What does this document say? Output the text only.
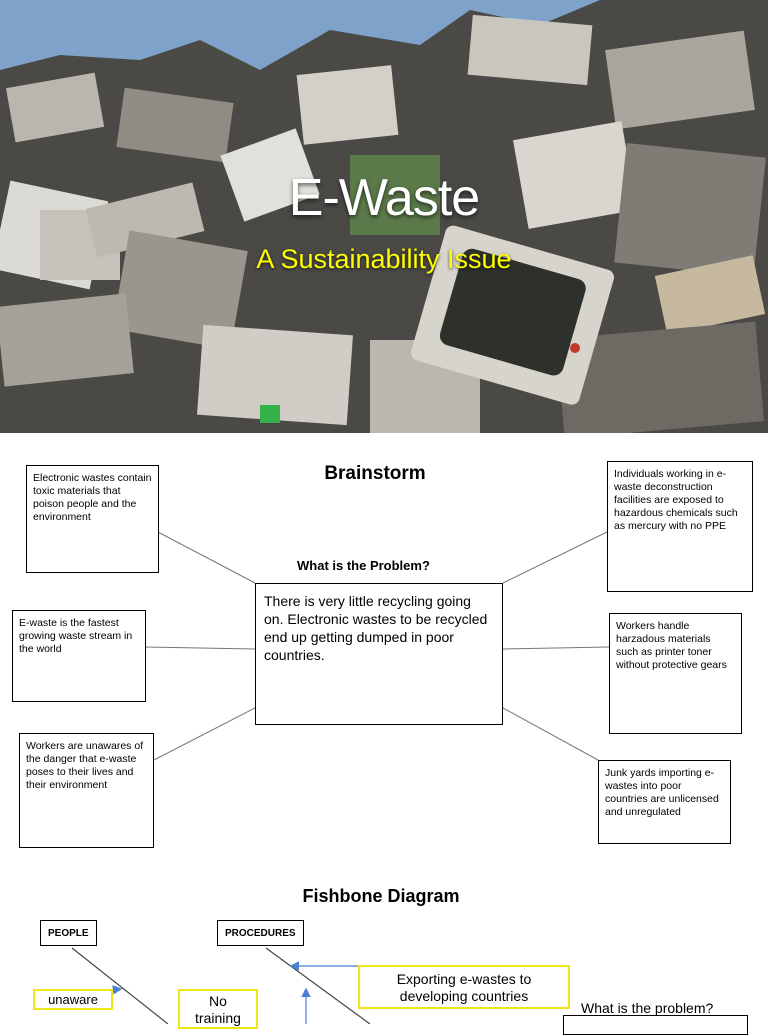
E-Waste
A Sustainability Issue
Brainstorm
What is the Problem?
There is very little recycling going on. Electronic wastes to be recycled end up getting dumped in poor countries.
Electronic wastes contain toxic materials that poison people and the environment
E-waste is the fastest growing waste stream in the world
Workers are unawares of the danger that e-waste poses to their lives and their environment
Individuals working in e-waste deconstruction facilities are exposed to hazardous chemicals such as mercury with no PPE
Workers handle harzadous materials such as printer toner without protective gears
Junk yards importing e-wastes into poor countries are unlicensed and unregulated
Fishbone Diagram
PEOPLE	PROCEDURES
unaware	No training
Exporting e-wastes to developing countries
What is the problem?
